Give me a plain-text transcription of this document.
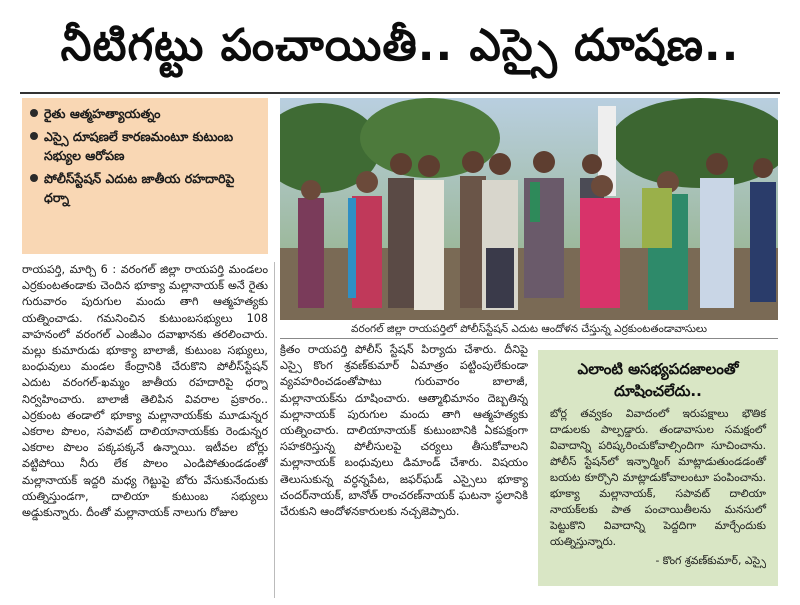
నీటిగట్టు పంచాయితీ.. ఎస్సై దూషణ..
రైతు ఆత్మహత్యాయత్నం
ఎస్సై దూషణలే కారణమంటూ కుటుంబ సభ్యుల ఆరోపణ
పోలీస్‌స్టేషన్ ఎదుట జాతీయ రహదారిపై ధర్నా
వరంగల్ జిల్లా రాయపర్తిలో పోలీస్‌స్టేషన్ ఎదుట ఆందోళన చేస్తున్న ఎర్రకుంటతండావాసులు
రాయపర్తి, మార్చి 6 : వరంగల్ జిల్లా రాయపర్తి మండలం ఎర్రకుంటతండాకు చెందిన భూక్యా మల్లానాయక్ అనే రైతు గురువారం పురుగుల మందు తాగి ఆత్మహత్యకు యత్నించాడు. గమనించిన కుటుంబసభ్యులు 108 వాహనంలో వరంగల్ ఎంజీఎం దవాఖానకు తరలించారు. మల్లు కుమారుడు భూక్యా బాలాజీ, కుటుంబ సభ్యులు, బంధువులు మండల కేంద్రానికి చేరుకొని పోలీస్‌స్టేషన్ ఎదుట వరంగల్-ఖమ్మం జాతీయ రహదారిపై ధర్నా నిర్వహించారు. బాలాజీ తెలిపిన వివరాల ప్రకారం.. ఎర్రకుంట తండాలో భూక్యా మల్లానాయక్‌కు మూడున్నర ఎకరాల పొలం, సపావట్ దాలియానాయక్‌కు రెండున్నర ఎకరాల పొలం పక్కపక్కనే ఉన్నాయి. ఇటీవల బోర్లు వట్టిపోయి నీరు లేక పొలం ఎండిపోతుండడంతో మల్లానాయక్ ఇద్దరి మధ్య గెట్టుపై బోరు వేసుకునేందుకు యత్నిస్తుండగా, దాలియా కుటుంబ సభ్యులు అడ్డుకున్నారు. దీంతో మల్లానాయక్ నాలుగు రోజుల
క్రితం రాయపర్తి పోలీస్ స్టేషన్ పిర్యాదు చేశారు. దీనిపై ఎస్సై కొంగ శ్రవణ్‌కుమార్ ఏమాత్రం పట్టింపులేకుండా వ్యవహరించడంతోపాటు గురువారం బాలాజీ, మల్లానాయక్‌ను దూషించారు. ఆత్మాభిమానం దెబ్బతిన్న మల్లానాయక్ పురుగుల మందు తాగి ఆత్మహత్యకు యత్నించారు. దాలియానాయక్ కుటుంబానికి ఏకపక్షంగా సహకరిస్తున్న పోలీసులపై చర్యలు తీసుకోవాలని మల్లానాయక్ బంధువులు డిమాండ్ చేశారు. విషయం తెలుసుకున్న వర్ధన్నపేట, జఫర్‌ఘడ్ ఎస్సైలు భూక్యా చందర్‌నాయక్, బానోత్ రాంచరణ్‌నాయక్ ఘటనా స్థలానికి చేరుకుని ఆందోళనకారులకు నచ్చజెప్పారు.
ఎలాంటి అసభ్యపదజాలంతో దూషించలేదు..
బోర్ల తవ్వకం వివాదంలో ఇరుపక్షాలు భౌతిక దాడులకు పాల్పడ్డారు. తండావాసుల సమక్షంలో వివాదాన్ని పరిష్కరించుకోవాల్సిందిగా సూచించాను. పోలీస్ స్టేషన్‌లో ఇన్ఫార్మింగ్ మాట్లాడుతుండడంతో బయట కూర్చొని మాట్లాడుకోవాలంటూ పంపించాను. భూక్యా మల్లానాయక్, సపావట్ దాలియా నాయక్‌లకు పాత పంచాయితీలను మనసులో పెట్టుకొని వివాదాన్ని పెద్దదిగా మార్చేందుకు యత్నిస్తున్నారు.
- కొంగ శ్రవణ్‌కుమార్, ఎస్సై
